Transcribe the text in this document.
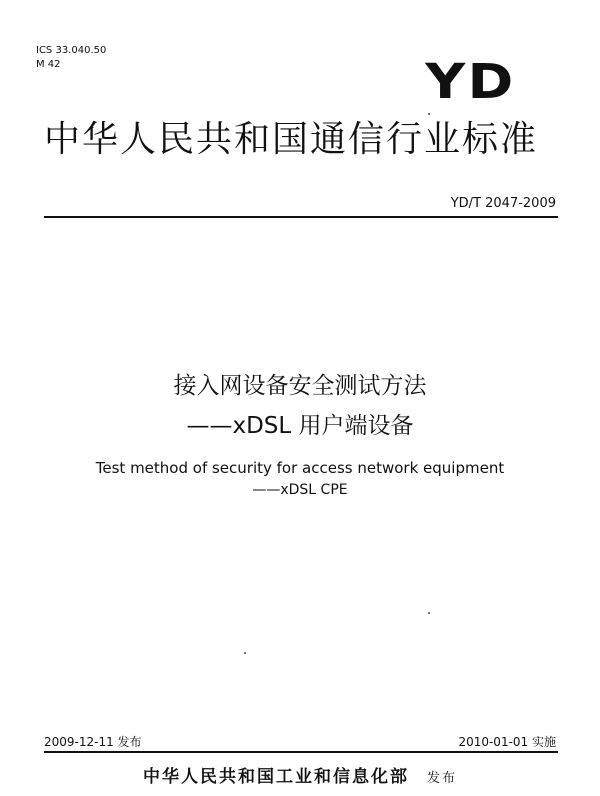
ICS 33.040.50
M 42	YD
中华人民共和国通信行业标准
YD/T 2047-2009
接入网设备安全测试方法
——xDSL 用户端设备
Test method of security for access network equipment
——xDSL CPE
2009-12-11 发布	2010-01-01 实施
中华人民共和国工业和信息化部 发布
